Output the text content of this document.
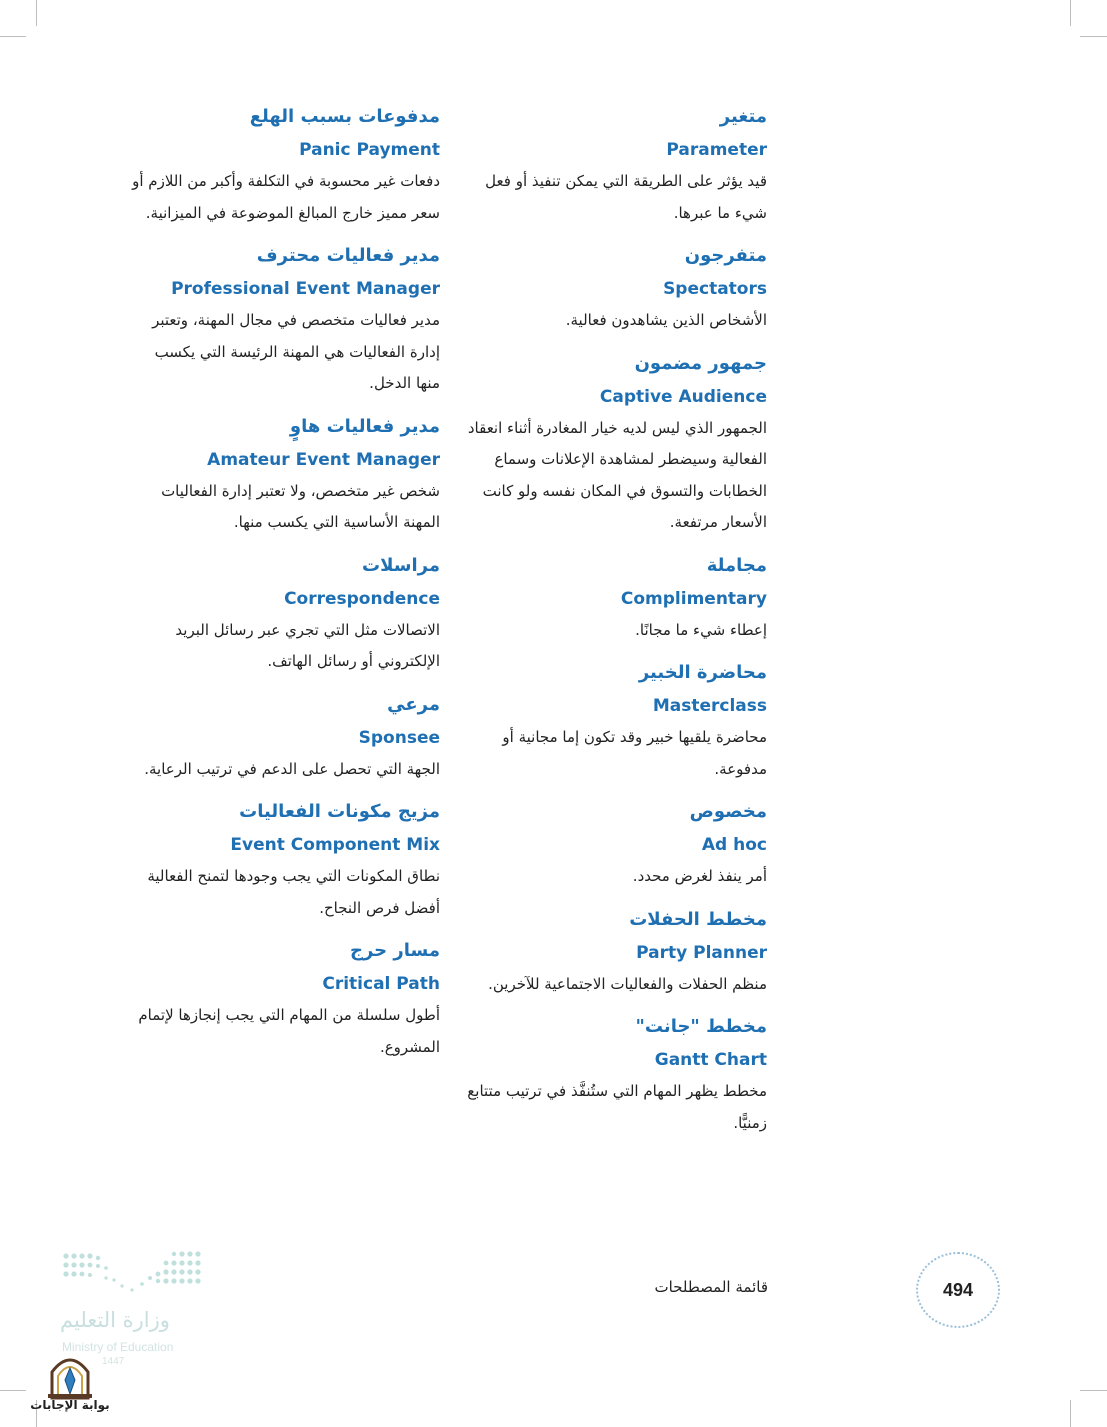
متغير
Parameter
قيد يؤثر على الطريقة التي يمكن تنفيذ أو فعل شيء ما عبرها.
متفرجون
Spectators
الأشخاص الذين يشاهدون فعالية.
جمهور مضمون
Captive Audience
الجمهور الذي ليس لديه خيار المغادرة أثناء انعقاد الفعالية وسيضطر لمشاهدة الإعلانات وسماع الخطابات والتسوق في المكان نفسه ولو كانت الأسعار مرتفعة.
مجاملة
Complimentary
إعطاء شيء ما مجانًا.
محاضرة الخبير
Masterclass
محاضرة يلقيها خبير وقد تكون إما مجانية أو مدفوعة.
مخصوص
Ad hoc
أمر ينفذ لغرض محدد.
مخطط الحفلات
Party Planner
منظم الحفلات والفعاليات الاجتماعية للآخرين.
مخطط "جانت"
Gantt Chart
مخطط يظهر المهام التي ستُنفَّذ في ترتيب متتابع زمنيًّا.
مدفوعات بسبب الهلع
Panic Payment
دفعات غير محسوبة في التكلفة وأكبر من اللازم أو سعر مميز خارج المبالغ الموضوعة في الميزانية.
مدير فعاليات محترف
Professional Event Manager
مدير فعاليات متخصص في مجال المهنة، وتعتبر إدارة الفعاليات هي المهنة الرئيسة التي يكسب منها الدخل.
مدير فعاليات هاوٍ
Amateur Event Manager
شخص غير متخصص، ولا تعتبر إدارة الفعاليات المهنة الأساسية التي يكسب منها.
مراسلات
Correspondence
الاتصالات مثل التي تجري عبر رسائل البريد الإلكتروني أو رسائل الهاتف.
مرعي
Sponsee
الجهة التي تحصل على الدعم في ترتيب الرعاية.
مزيج مكونات الفعاليات
Event Component Mix
نطاق المكونات التي يجب وجودها لتمنح الفعالية أفضل فرص النجاح.
مسار حرج
Critical Path
أطول سلسلة من المهام التي يجب إنجازها لإتمام المشروع.
قائمة المصطلحات	494
وزارة التعليم
Ministry of Education
1447
بوابة الإجابات
